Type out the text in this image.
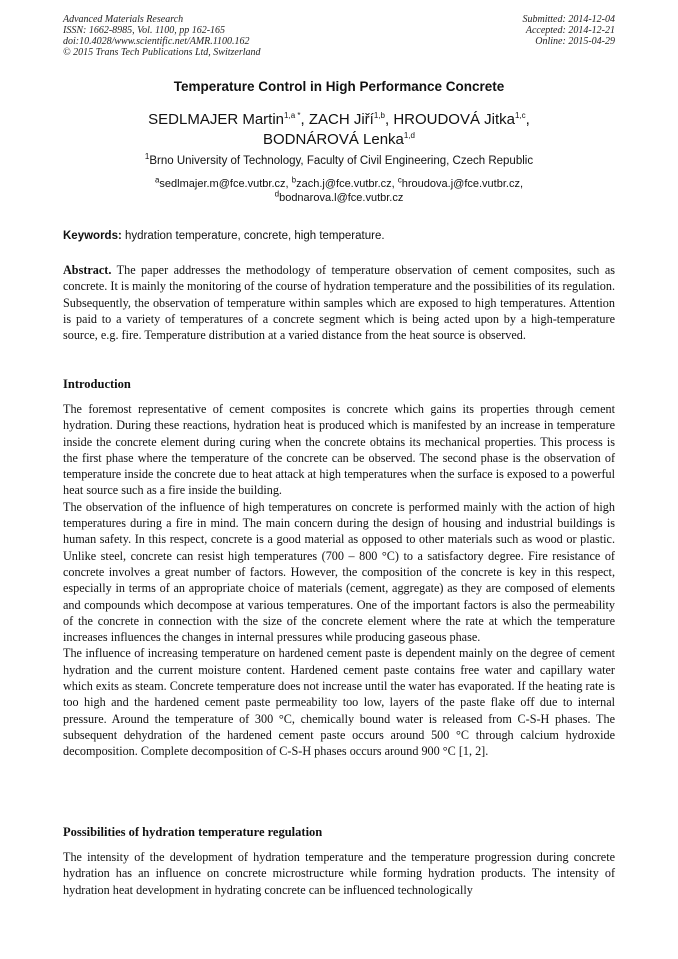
Advanced Materials Research
ISSN: 1662-8985, Vol. 1100, pp 162-165
doi:10.4028/www.scientific.net/AMR.1100.162
© 2015 Trans Tech Publications Ltd, Switzerland
Submitted: 2014-12-04
Accepted: 2014-12-21
Online: 2015-04-29
Temperature Control in High Performance Concrete
SEDLMAJER Martin$^{1,a *}$, ZACH Jiří$^{1,b}$, HROUDOVÁ Jitka$^{1,c}$,
BODNÁROVÁ Lenka$^{1,d}$
$^1$Brno University of Technology, Faculty of Civil Engineering, Czech Republic
$^a$sedlmajer.m@fce.vutbr.cz, $^b$zach.j@fce.vutbr.cz, $^c$hroudova.j@fce.vutbr.cz,
$^d$bodnarova.l@fce.vutbr.cz
Keywords: hydration temperature, concrete, high temperature.

Abstract. The paper addresses the methodology of temperature observation of cement composites, such as concrete. It is mainly the monitoring of the course of hydration temperature and the possibilities of its regulation. Subsequently, the observation of temperature within samples which are exposed to high temperatures. Attention is paid to a variety of temperatures of a concrete segment which is being acted upon by a high-temperature source, e.g. fire. Temperature distribution at a varied distance from the heat source is observed.

Introduction

The foremost representative of cement composites is concrete which gains its properties through cement hydration. During these reactions, hydration heat is produced which is manifested by an increase in temperature inside the concrete element during curing when the concrete obtains its mechanical properties. This process is the first phase where the temperature of the concrete can be observed. The second phase is the observation of temperature inside the concrete due to heat attack at high temperatures when the surface is exposed to a powerful heat source such as a fire inside the building.

The observation of the influence of high temperatures on concrete is performed mainly with the action of high temperatures during a fire in mind. The main concern during the design of housing and industrial buildings is human safety. In this respect, concrete is a good material as opposed to other materials such as wood or plastic. Unlike steel, concrete can resist high temperatures (700 – 800 °C) to a satisfactory degree. Fire resistance of concrete involves a great number of factors. However, the composition of the concrete is key in this respect, especially in terms of an appropriate choice of materials (cement, aggregate) as they are composed of elements and compounds which decompose at various temperatures. One of the important factors is also the permeability of the concrete in connection with the size of the concrete element where the rate at which the temperature increases influences the changes in internal pressures while producing gaseous phase.

The influence of increasing temperature on hardened cement paste is dependent mainly on the degree of cement hydration and the current moisture content. Hardened cement paste contains free water and capillary water which exits as steam. Concrete temperature does not increase until the water has evaporated. If the heating rate is too high and the hardened cement paste permeability too low, layers of the paste flake off due to internal pressure. Around the temperature of 300 °C, chemically bound water is released from C-S-H phases. The subsequent dehydration of the hardened cement paste occurs around 500 °C through calcium hydroxide decomposition. Complete decomposition of C-S-H phases occurs around 900 °C [1, 2].

Possibilities of hydration temperature regulation

The intensity of the development of hydration temperature and the temperature progression during concrete hydration has an influence on concrete microstructure while forming hydration products. The intensity of hydration heat development in hydrating concrete can be influenced technologically
